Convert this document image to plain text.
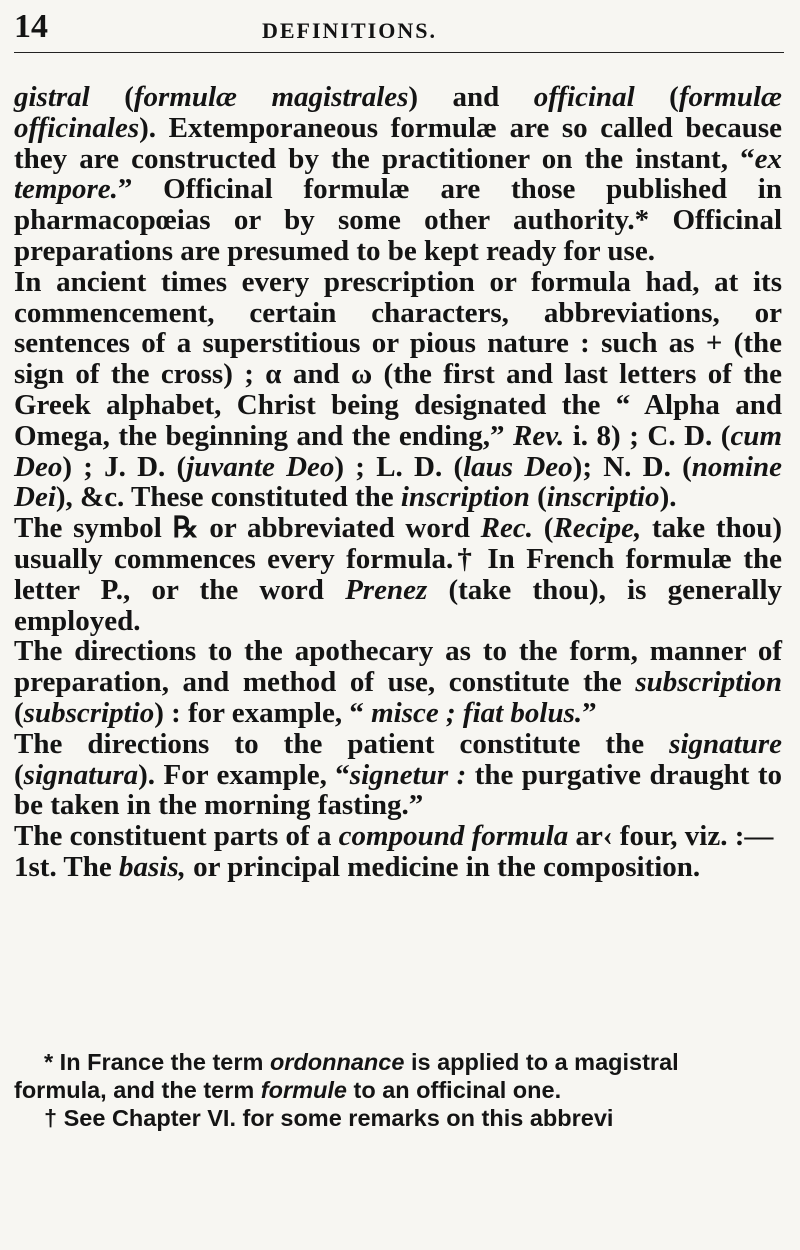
14	DEFINITIONS.

gistral (formulæ magistrales) and officinal (formulæ officinales). Extemporaneous formulæ are so called because they are constructed by the practitioner on the instant, “ex tempore.” Officinal formulæ are those published in pharmacopœias or by some other authority.* Officinal preparations are presumed to be kept ready for use.

In ancient times every prescription or formula had, at its commencement, certain characters, abbreviations, or sentences of a superstitious or pious nature : such as + (the sign of the cross) ; α and ω (the first and last letters of the Greek alphabet, Christ being designated the “ Alpha and Omega, the beginning and the ending,” Rev. i. 8) ; C. D. (cum Deo) ; J. D. (juvante Deo) ; L. D. (laus Deo); N. D. (nomine Dei), &c. These constituted the inscription (inscriptio).

The symbol ℞ or abbreviated word Rec. (Recipe, take thou) usually commences every formula.† In French formulæ the letter P., or the word Prenez (take thou), is generally employed.

The directions to the apothecary as to the form, manner of preparation, and method of use, constitute the subscription (subscriptio) : for example, “ misce ; fiat bolus.”

The directions to the patient constitute the signature (signatura). For example, “signetur : the purgative draught to be taken in the morning fasting.”

The constituent parts of a compound formula ar‹ four, viz. :—

1st. The basis, or principal medicine in the composition.

* In France the term ordonnance is applied to a magistral formula, and the term formule to an officinal one.

† See Chapter VI. for some remarks on this abbrevi
